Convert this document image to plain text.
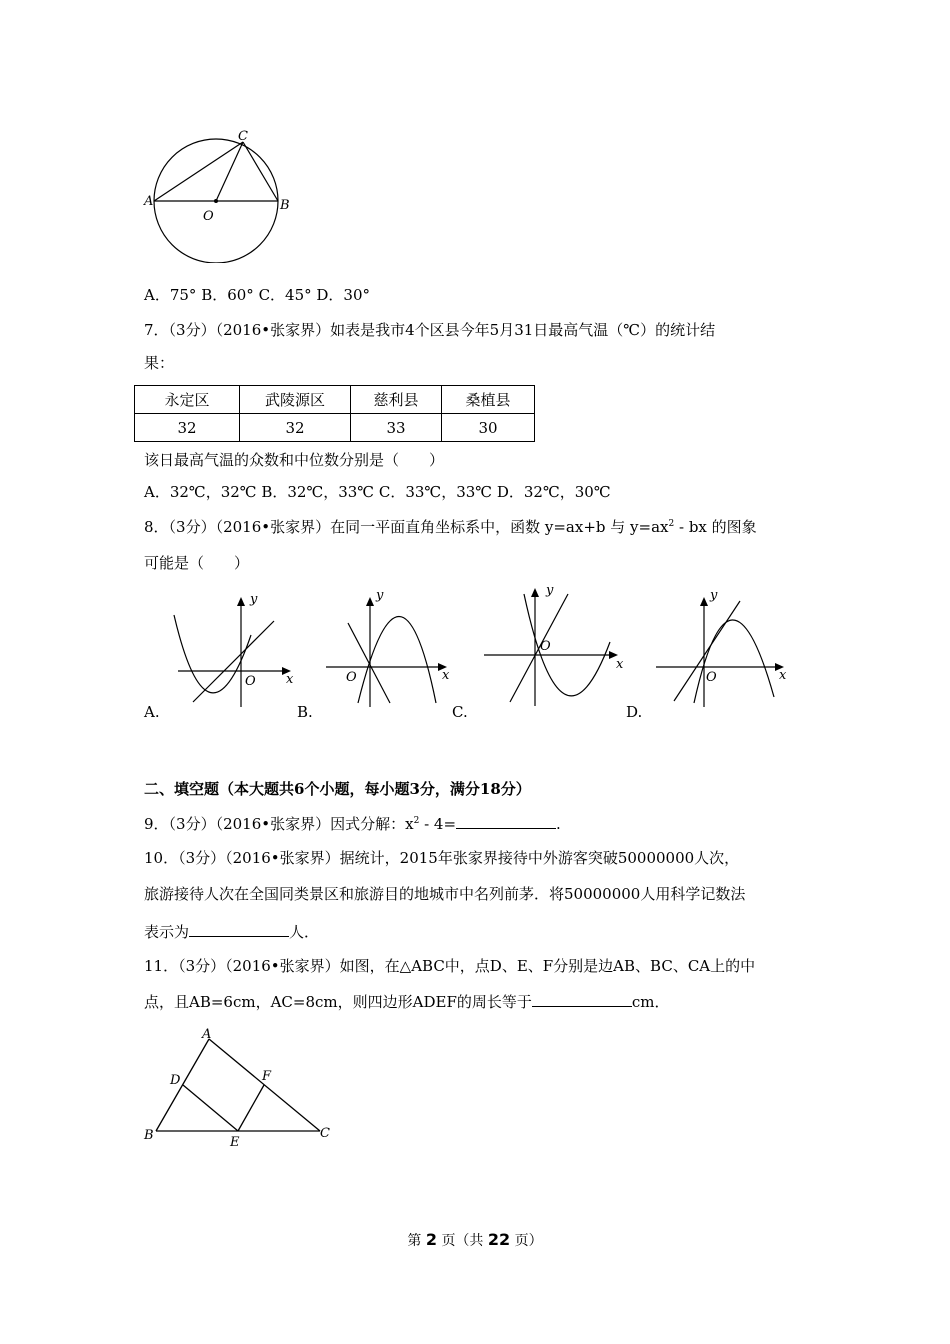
A	B
C
O
A．75° B．60° C．45° D．30°
7．（3分）（2016•张家界）如表是我市4个区县今年5月31日最高气温（℃）的统计结
果：
永定区	武陵源区	慈利县	桑植县
32	32	33	30
该日最高气温的众数和中位数分别是（　　）
A．32℃，32℃ B．32℃，33℃ C．33℃，33℃ D．32℃，30℃
8．（3分）（2016•张家界）在同一平面直角坐标系中，函数 y=ax+b 与 $y=ax^2$ - bx 的图象
可能是（　　）
y
x
O
A.
y
x
O
B.
y
x
O
C.
y
x
O
D.
二、填空题（本大题共6个小题，每小题3分，满分18分）
9．（3分）（2016•张家界）因式分解：$x^2 - 4=$	.
10．（3分）（2016•张家界）据统计，2015年张家界接待中外游客突破50000000人次，
旅游接待人次在全国同类景区和旅游目的地城市中名列前茅．将50000000人用科学记数法
表示为	人．
11．（3分）（2016•张家界）如图，在△ABC中，点D、E、F分别是边AB、BC、CA上的中
点，且AB=6cm，AC=8cm，则四边形ADEF的周长等于	cm．
A
B	C
D
E
F
第 2 页（共 22 页）
